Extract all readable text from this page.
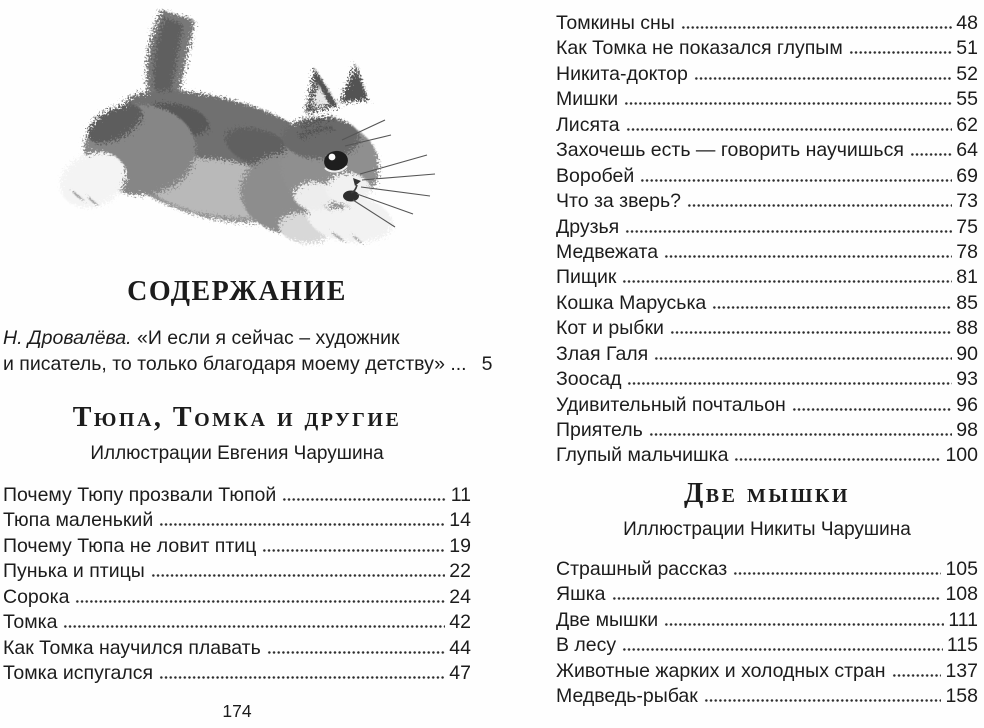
СОДЕРЖАНИЕ

Н. Дровалёва. «И если я сейчас – художник
и писатель, то только благодаря моему детству» ... 5

Тюпа, Томка и другие
Иллюстрации Евгения Чарушина
Почему Тюпу прозвали Тюпой	11
Тюпа маленький	14
Почему Тюпа не ловит птиц	19
Пунька и птицы	22
Сорока	24
Томка	42
Как Томка научился плавать	44
Томка испугался	47
174
Томкины сны	48
Как Томка не показался глупым	51
Никита-доктор	52
Мишки	55
Лисята	62
Захочешь есть — говорить научишься	64
Воробей	69
Что за зверь?	73
Друзья	75
Медвежата	78
Пищик	81
Кошка Маруська	85
Кот и рыбки	88
Злая Галя	90
Зоосад	93
Удивительный почтальон	96
Приятель	98
Глупый мальчишка	100
Две мышки
Иллюстрации Никиты Чарушина
Страшный рассказ	105
Яшка	108
Две мышки	111
В лесу	115
Животные жарких и холодных стран	137
Медведь-рыбак	158
